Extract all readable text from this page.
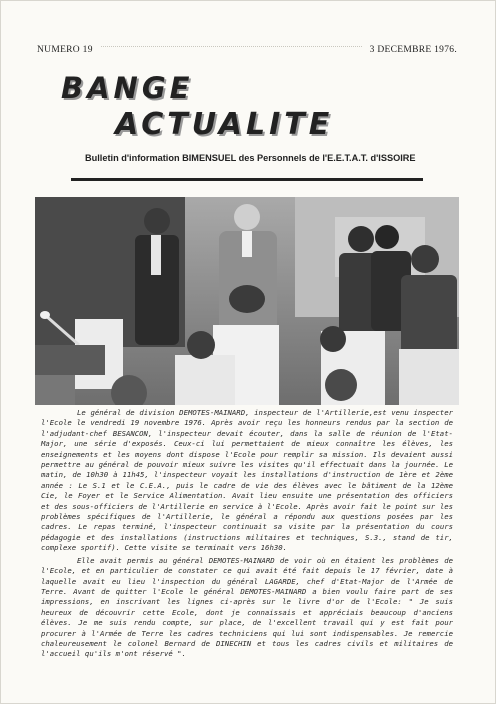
NUMERO 19	3 DECEMBRE 1976.
BANGE
ACTUALITE
Bulletin d'information BIMENSUEL des Personnels de l'E.E.T.A.T. d'ISSOIRE

Le général de division DEMOTES-MAINARD, inspecteur de l'Artillerie,est venu inspecter l'Ecole le vendredi 19 novembre 1976. Après avoir reçu les honneurs rendus par la section de l'adjudant-chef BESANCON, l'inspecteur devait écouter, dans la salle de réunion de l'Etat-Major, une série d'exposés. Ceux-ci lui permettaient de mieux connaître les élèves, les enseignements et les moyens dont dispose l'Ecole pour remplir sa mission. Ils devaient aussi permettre au général de pouvoir mieux suivre les visites qu'il effectuait dans la journée. Le matin, de 10h30 à 11h45, l'inspecteur voyait les installations d'instruction de 1ère et 2ème année : Le S.1 et le C.E.A., puis le cadre de vie des élèves avec le bâtiment de la 12ème Cie, le Foyer et le Service Alimentation. Avait lieu ensuite une présentation des officiers et des sous-officiers de l'Artillerie en service à l'Ecole. Après avoir fait le point sur les problèmes spécifiques de l'Artillerie, le général a répondu aux questions posées par les cadres. Le repas terminé, l'inspecteur continuait sa visite par la présentation du cours pédagogie et des installations (instructions militaires et techniques, S.3., stand de tir, complexe sportif). Cette visite se terminait vers 16h30.

Elle avait permis au général DEMOTES-MAINARD de voir où en étaient les problèmes de l'Ecole, et en particulier de constater ce qui avait été fait depuis le 17 février, date à laquelle avait eu lieu l'inspection du général LAGARDE, chef d'Etat-Major de l'Armée de Terre. Avant de quitter l'Ecole le général DEMOTES-MAINARD a bien voulu faire part de ses impressions, en inscrivant les lignes ci-après sur le livre d'or de l'Ecole: " Je suis heureux de découvrir cette Ecole, dont je connaissais et appréciais beaucoup d'anciens élèves. Je me suis rendu compte, sur place, de l'excellent travail qui y est fait pour procurer à l'Armée de Terre les cadres techniciens qui lui sont indispensables. Je remercie chaleureusement le colonel Bernard de DINECHIN et tous les cadres civils et militaires de l'accueil qu'ils m'ont réservé ".
